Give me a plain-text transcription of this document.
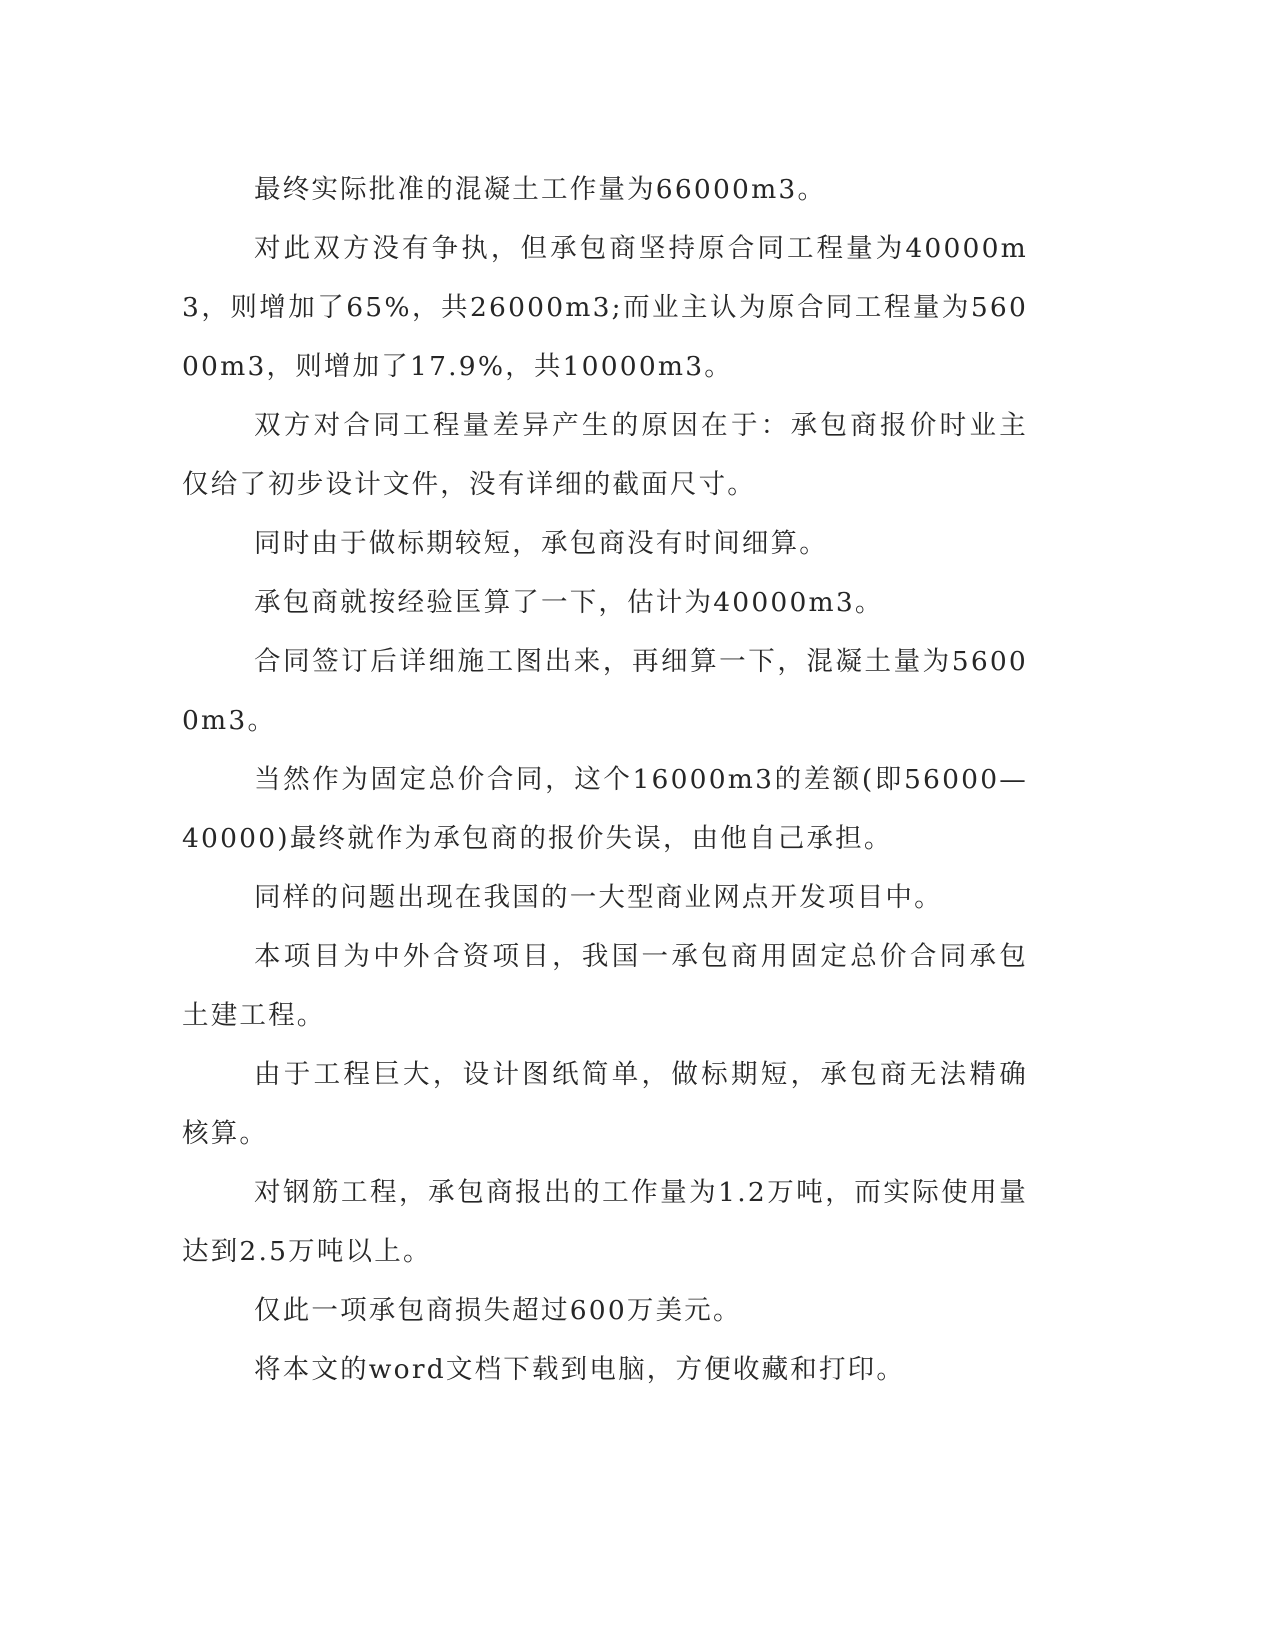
最终实际批准的混凝土工作量为66000m3。

对此双方没有争执，但承包商坚持原合同工程量为40000m3，则增加了65%，共26000m3;而业主认为原合同工程量为56000m3，则增加了17.9%，共10000m3。

双方对合同工程量差异产生的原因在于：承包商报价时业主仅给了初步设计文件，没有详细的截面尺寸。

同时由于做标期较短，承包商没有时间细算。

承包商就按经验匡算了一下，估计为40000m3。

合同签订后详细施工图出来，再细算一下，混凝土量为56000m3。

当然作为固定总价合同，这个16000m3的差额(即56000—40000)最终就作为承包商的报价失误，由他自己承担。

同样的问题出现在我国的一大型商业网点开发项目中。

本项目为中外合资项目，我国一承包商用固定总价合同承包土建工程。

由于工程巨大，设计图纸简单，做标期短，承包商无法精确核算。

对钢筋工程，承包商报出的工作量为1.2万吨，而实际使用量达到2.5万吨以上。

仅此一项承包商损失超过600万美元。

将本文的word文档下载到电脑，方便收藏和打印。
